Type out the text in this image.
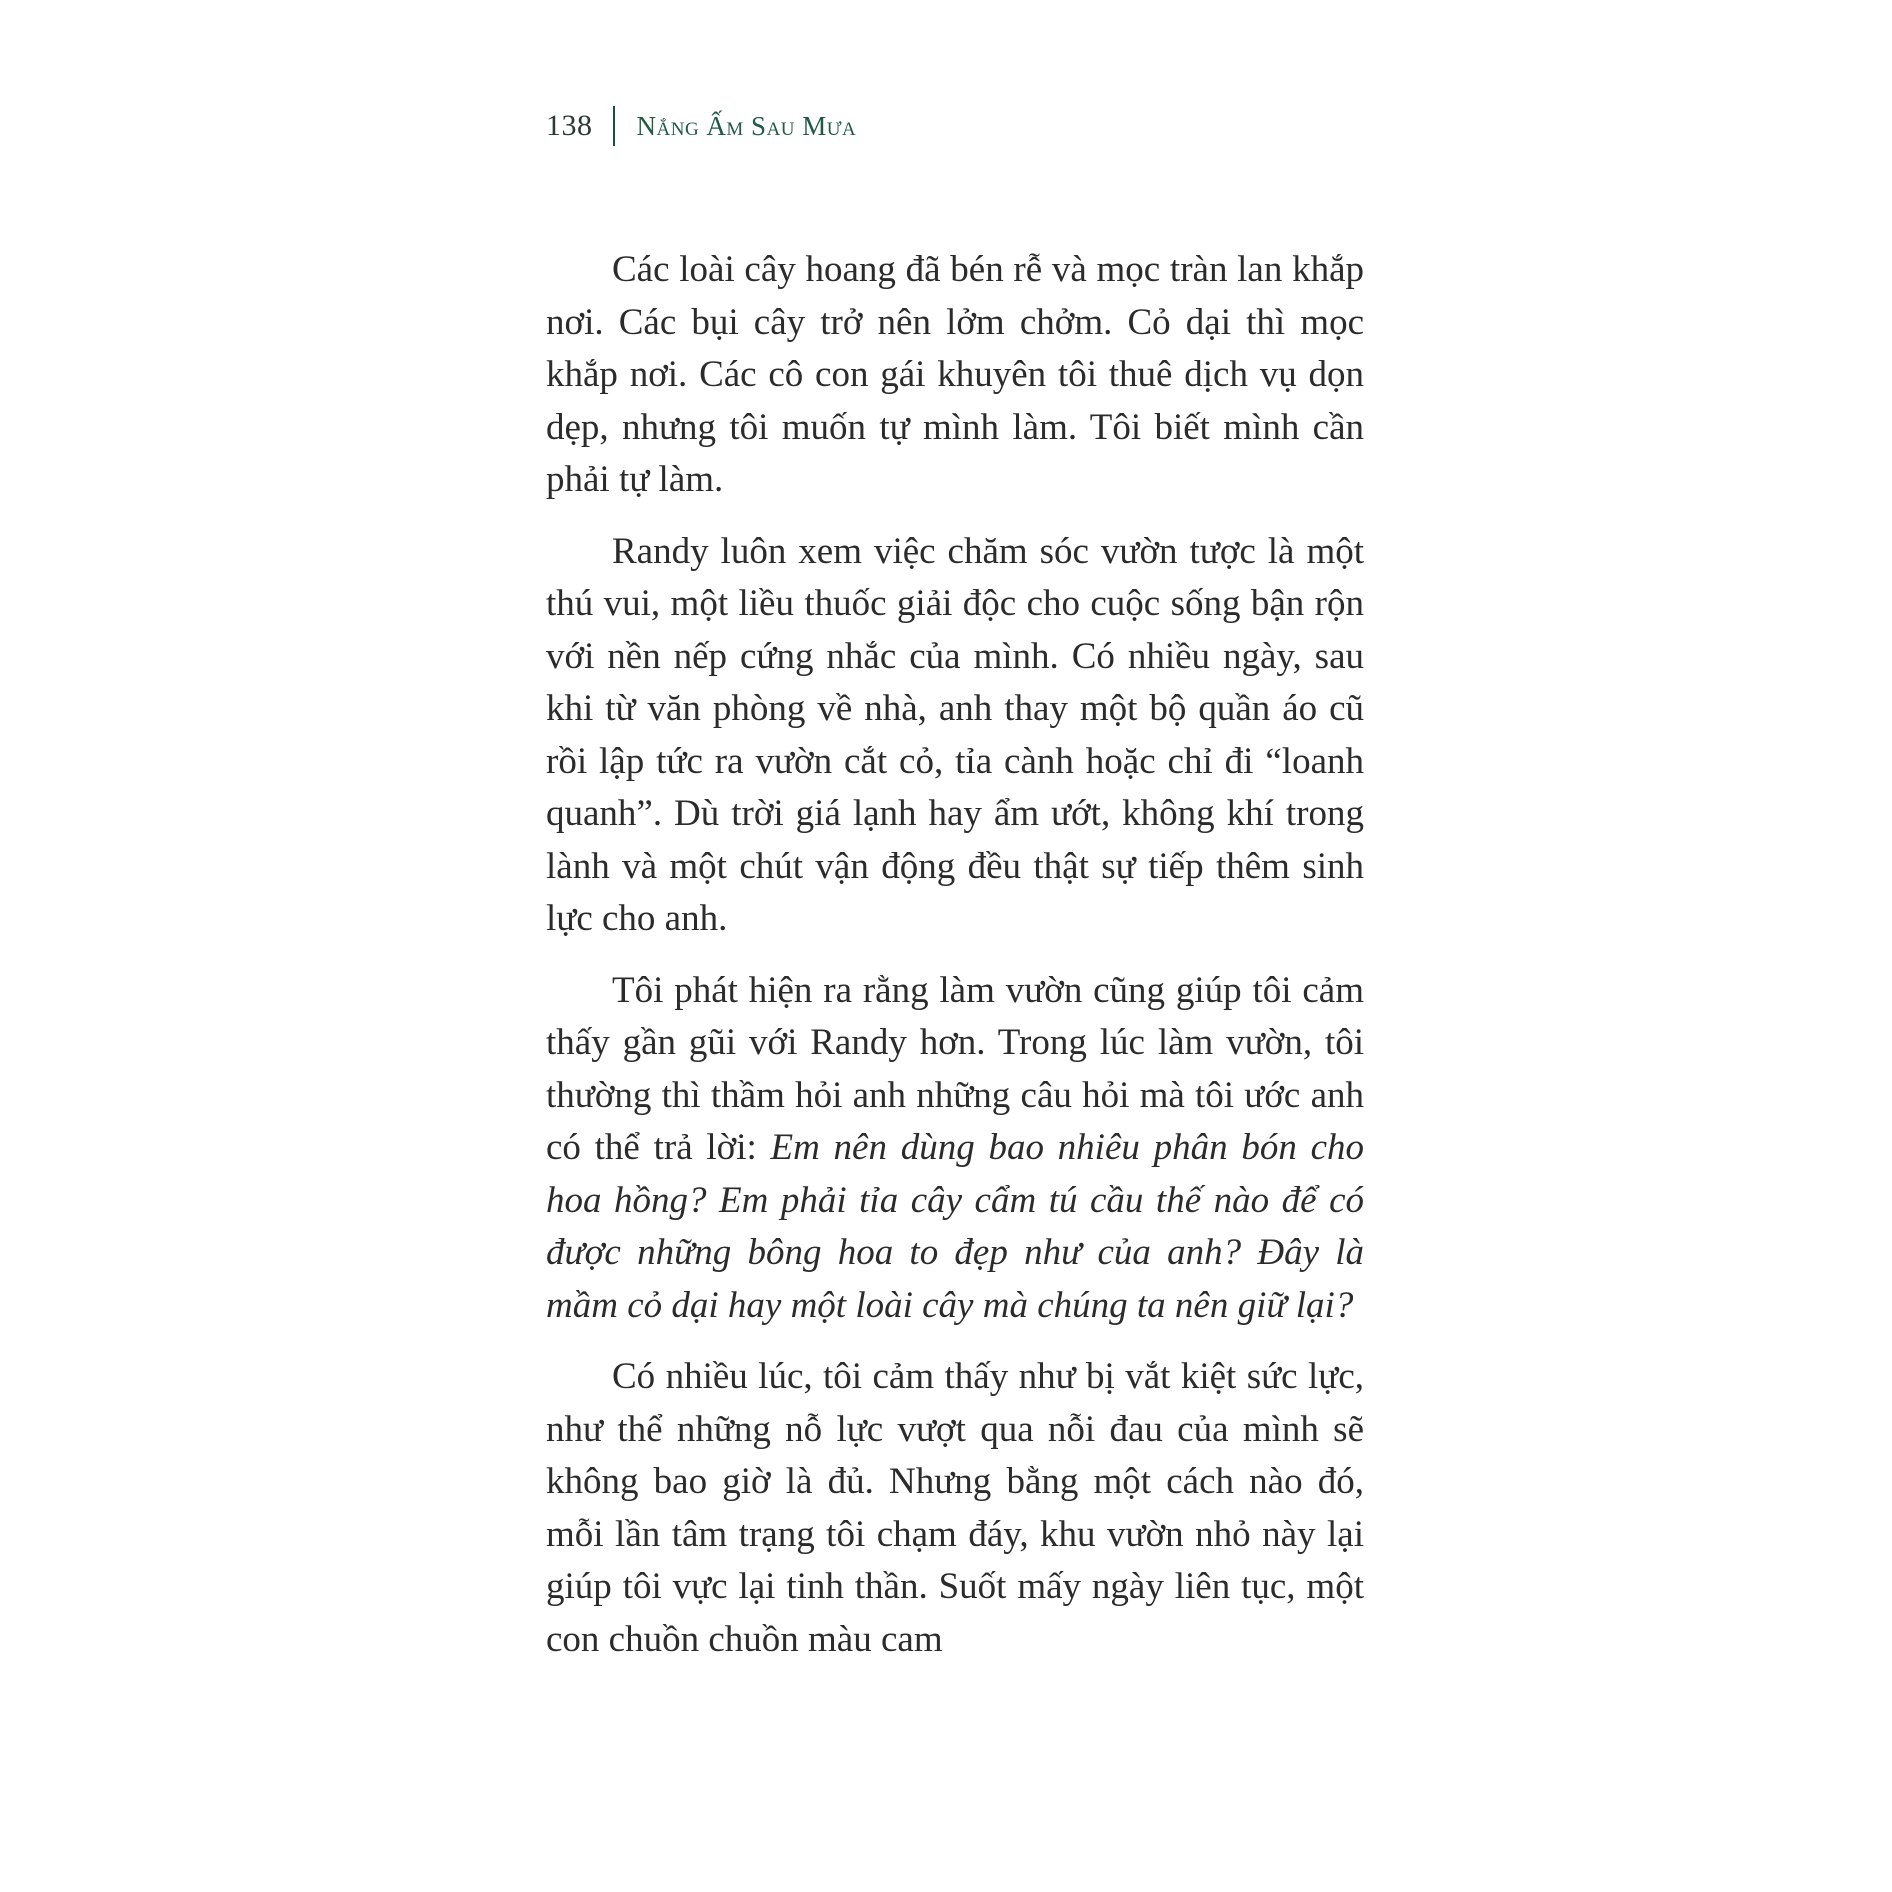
138 Nắng Ấm Sau Mưa

Các loài cây hoang đã bén rễ và mọc tràn lan khắp nơi. Các bụi cây trở nên lởm chởm. Cỏ dại thì mọc khắp nơi. Các cô con gái khuyên tôi thuê dịch vụ dọn dẹp, nhưng tôi muốn tự mình làm. Tôi biết mình cần phải tự làm.

Randy luôn xem việc chăm sóc vườn tược là một thú vui, một liều thuốc giải độc cho cuộc sống bận rộn với nền nếp cứng nhắc của mình. Có nhiều ngày, sau khi từ văn phòng về nhà, anh thay một bộ quần áo cũ rồi lập tức ra vườn cắt cỏ, tỉa cành hoặc chỉ đi “loanh quanh”. Dù trời giá lạnh hay ẩm ướt, không khí trong lành và một chút vận động đều thật sự tiếp thêm sinh lực cho anh.

Tôi phát hiện ra rằng làm vườn cũng giúp tôi cảm thấy gần gũi với Randy hơn. Trong lúc làm vườn, tôi thường thì thầm hỏi anh những câu hỏi mà tôi ước anh có thể trả lời: Em nên dùng bao nhiêu phân bón cho hoa hồng? Em phải tỉa cây cẩm tú cầu thế nào để có được những bông hoa to đẹp như của anh? Đây là mầm cỏ dại hay một loài cây mà chúng ta nên giữ lại?

Có nhiều lúc, tôi cảm thấy như bị vắt kiệt sức lực, như thể những nỗ lực vượt qua nỗi đau của mình sẽ không bao giờ là đủ. Nhưng bằng một cách nào đó, mỗi lần tâm trạng tôi chạm đáy, khu vườn nhỏ này lại giúp tôi vực lại tinh thần. Suốt mấy ngày liên tục, một con chuồn chuồn màu cam
